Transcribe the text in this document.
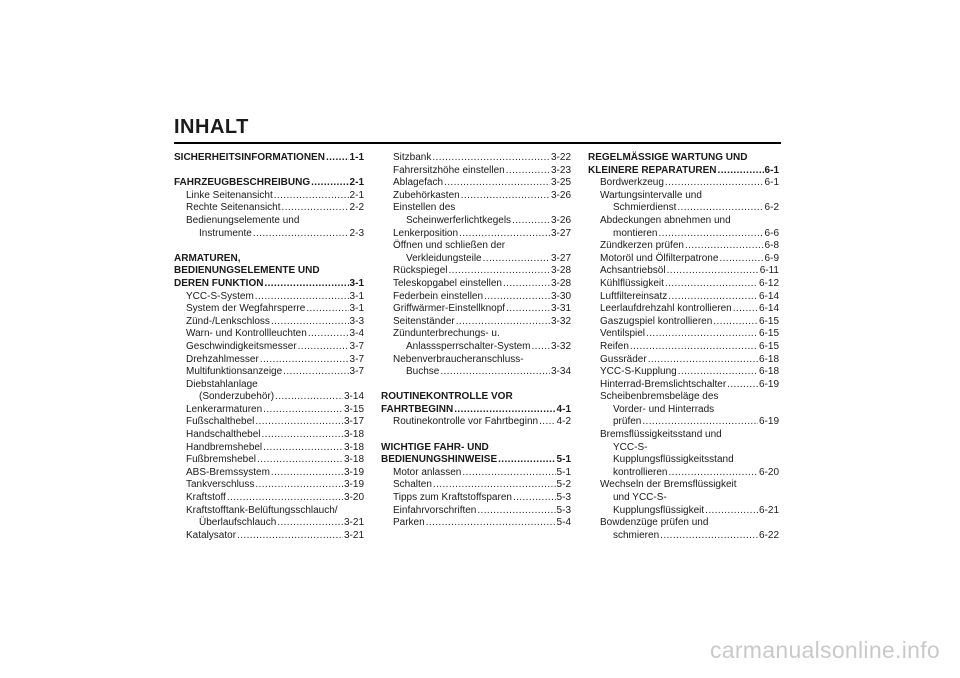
INHALT
SICHERHEITSINFORMATIONEN ..... 1-1
FAHRZEUGBESCHREIBUNG .....	2-1
Linke Seitenansicht .....	2-1
Rechte Seitenansicht .....	2-2
Bedienungselemente und
Instrumente .....	2-3
ARMATUREN,
BEDIENUNGSELEMENTE UND
DEREN FUNKTION .....	3-1
YCC-S-System .....	3-1
System der Wegfahrsperre .....	3-1
Zünd-/Lenkschloss .....	3-3
Warn- und Kontrollleuchten .....	3-4
Geschwindigkeitsmesser .....	3-7
Drehzahlmesser .....	3-7
Multifunktionsanzeige .....	3-7
Diebstahlanlage
(Sonderzubehör) .....	3-14
Lenkerarmaturen .....	3-15
Fußschalthebel .....	3-17
Handschalthebel .....	3-18
Handbremshebel .....	3-18
Fußbremshebel .....	3-18
ABS-Bremssystem .....	3-19
Tankverschluss .....	3-19
Kraftstoff .....	3-20
Kraftstofftank-Belüftungsschlauch/
Überlaufschlauch .....	3-21
Katalysator .....	3-21
Sitzbank .....	3-22
Fahrersitzhöhe einstellen .....	3-23
Ablagefach .....	3-25
Zubehörkasten .....	3-26
Einstellen des
Scheinwerferlichtkegels .....	3-26
Lenkerposition .....	3-27
Öffnen und schließen der
Verkleidungsteile .....	3-27
Rückspiegel .....	3-28
Teleskopgabel einstellen .....	3-28
Federbein einstellen .....	3-30
Griffwärmer-Einstellknopf .....	3-31
Seitenständer .....	3-32
Zündunterbrechungs- u.
Anlasssperrschalter-System ..... 3-32
Nebenverbraucheranschluss-
Buchse .....	3-34
ROUTINEKONTROLLE VOR
FAHRTBEGINN .....	4-1
Routinekontrolle vor Fahrtbeginn ..... 4-2
WICHTIGE FAHR- UND
BEDIENUNGSHINWEISE .....	5-1
Motor anlassen .....	5-1
Schalten .....	5-2
Tipps zum Kraftstoffsparen .....	5-3
Einfahrvorschriften .....	5-3
Parken .....	5-4
REGELMÄSSIGE WARTUNG UND
KLEINERE REPARATUREN .....	6-1
Bordwerkzeug .....	6-1
Wartungsintervalle und
Schmierdienst .....	6-2
Abdeckungen abnehmen und
montieren .....	6-6
Zündkerzen prüfen .....	6-8
Motoröl und Ölfilterpatrone .....	6-9
Achsantriebsöl .....	6-11
Kühlflüssigkeit .....	6-12
Luftfiltereinsatz .....	6-14
Leerlaufdrehzahl kontrollieren .....	6-14
Gaszugspiel kontrollieren .....	6-15
Ventilspiel .....	6-15
Reifen .....	6-15
Gussräder .....	6-18
YCC-S-Kupplung .....	6-18
Hinterrad-Bremslichtschalter .....	6-19
Scheibenbremsbeläge des
Vorder- und Hinterrads
prüfen .....	6-19
Bremsflüssigkeitsstand und
YCC-S-
Kupplungsflüssigkeitsstand
kontrollieren .....	6-20
Wechseln der Bremsflüssigkeit
und YCC-S-
Kupplungsflüssigkeit .....	6-21
Bowdenzüge prüfen und
schmieren .....	6-22
carmanualsonline.info
